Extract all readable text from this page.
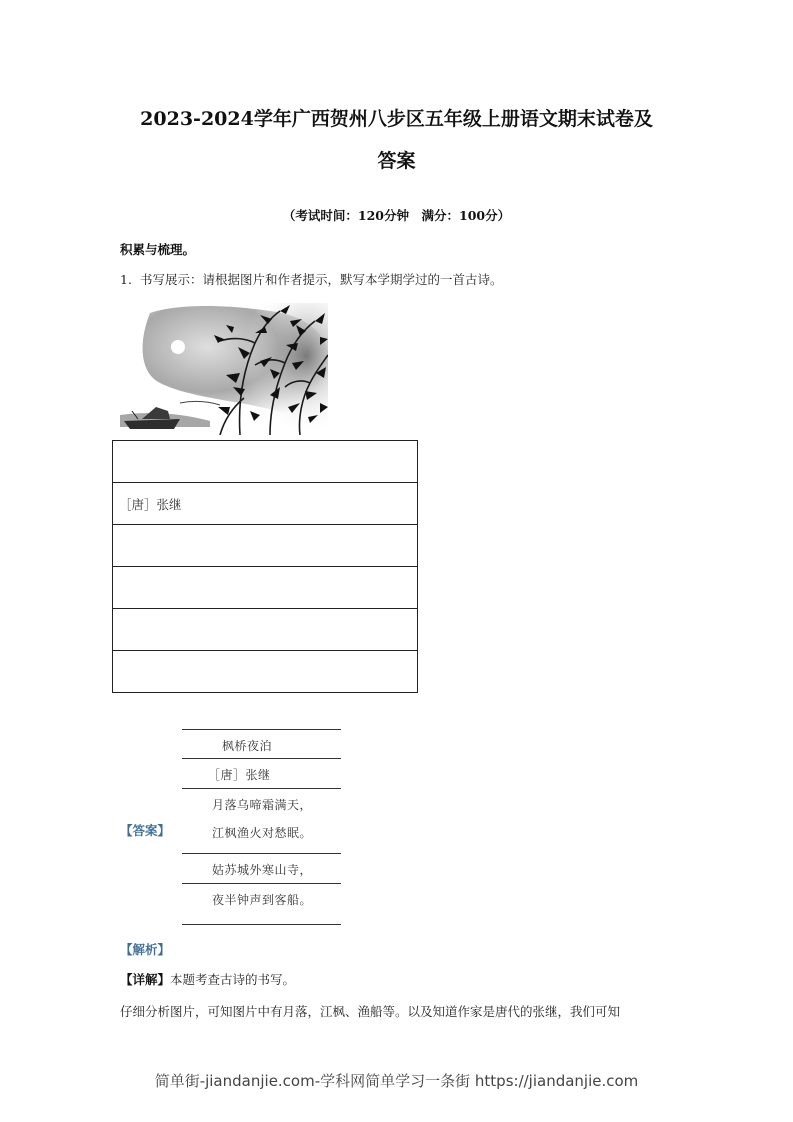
2023-2024学年广西贺州八步区五年级上册语文期末试卷及
答案
（考试时间：120分钟　满分：100分）
积累与梳理。
1. 书写展示：请根据图片和作者提示，默写本学期学过的一首古诗。

［唐］张继

【答案】
枫桥夜泊
［唐］张继
月落乌啼霜满天，
江枫渔火对愁眠。
姑苏城外寒山寺，
夜半钟声到客船。
【解析】
【详解】本题考查古诗的书写。
仔细分析图片，可知图片中有月落，江枫、渔船等。以及知道作家是唐代的张继，我们可知
简单街-jiandanjie.com-学科网简单学习一条街 https://jiandanjie.com
